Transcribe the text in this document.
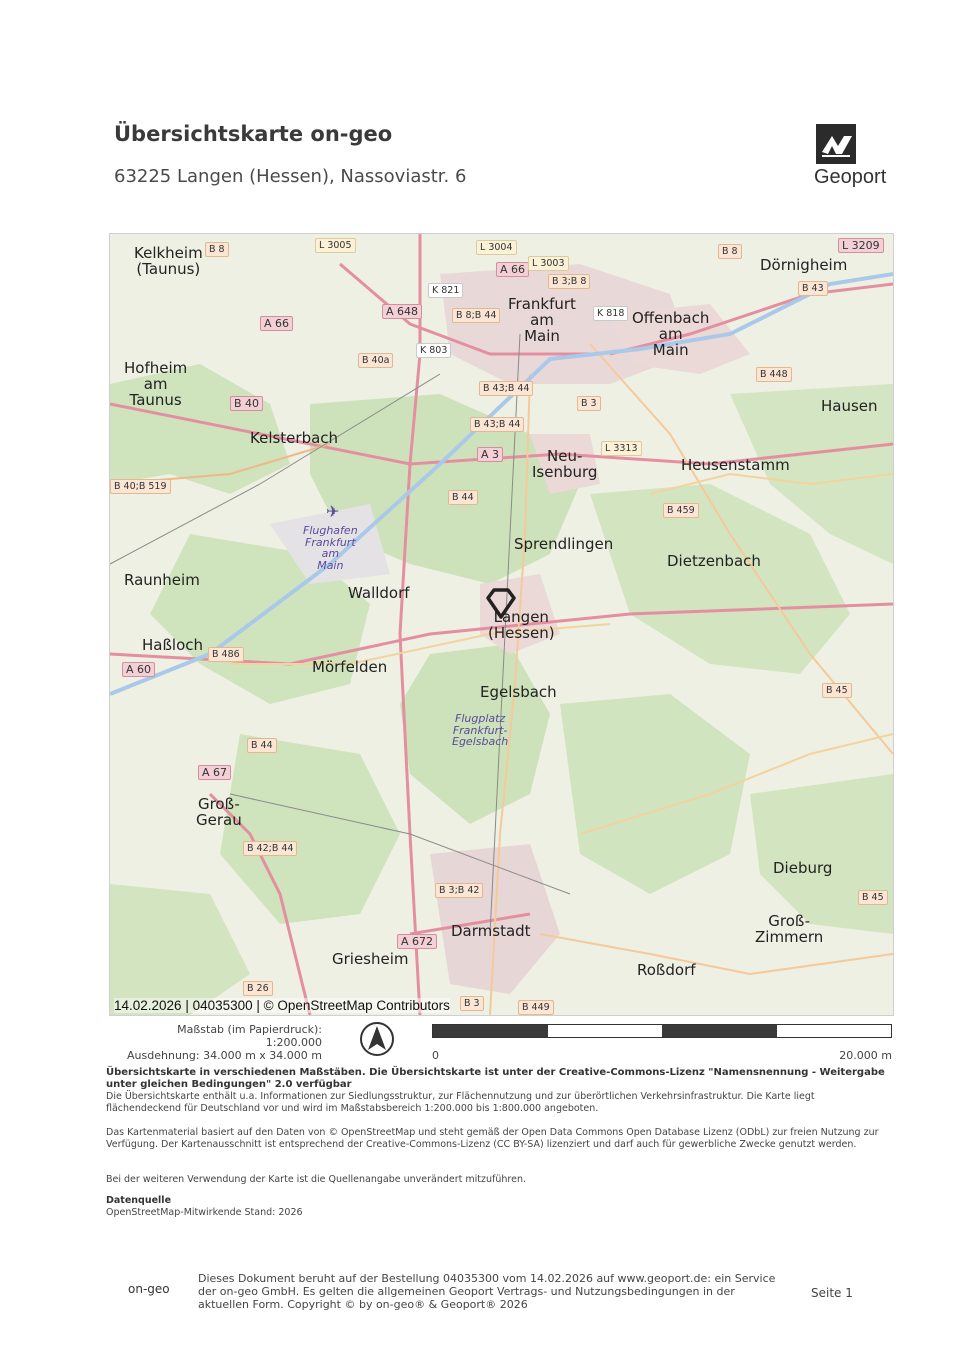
Übersichtskarte on-geo
63225 Langen (Hessen), Nassoviastr. 6	Geoport
Kelkheim
(Taunus)	Dörnigheim
Frankfurt
am
Main
Offenbach
am
Main
Hofheim
am
Taunus	Hausen
Kelsterbach
Neu-
Isenburg	Heusenstamm
Flughafen
Frankfurt
am
Main
Sprendlingen
Dietzenbach
Raunheim
Walldorf
Langen
(Hessen)
Haßloch
Mörfelden
Egelsbach
Flugplatz
Frankfurt-
Egelsbach
Groß-
Gerau
Dieburg
Groß-
Zimmern
Darmstadt
Griesheim
Roßdorf
B 8	L 3005	L 3004	B 8	L 3209
A 66 L 3003
B 3;B 8
K 821	B 43
A 66
A 648	B 8;B 44	K 818
K 803
B 40a
B 448
B 43;B 44
B 40	B 3
B 43;B 44
L 3313
A 3
B 40;B 519
B 44
B 459
B 486
A 60
B 45
B 44
A 67
B 42;B 44
B 3;B 42
B 45
A 672
B 26
B 3	B 449
✈
14.02.2026 | 04035300 | © OpenStreetMap Contributors
Maßstab (im Papierdruck): 1:200.000
Ausdehnung: 34.000 m x 34.000 m	0	20.000 m
Übersichtskarte in verschiedenen Maßstäben. Die Übersichtskarte ist unter der Creative-Commons-Lizenz "Namensnennung - Weitergabe unter gleichen Bedingungen" 2.0 verfügbar
Die Übersichtskarte enthält u.a. Informationen zur Siedlungsstruktur, zur Flächennutzung und zur überörtlichen Verkehrsinfrastruktur. Die Karte liegt flächendeckend für Deutschland vor und wird im Maßstabsbereich 1:200.000 bis 1:800.000 angeboten.
Das Kartenmaterial basiert auf den Daten von © OpenStreetMap und steht gemäß der Open Data Commons Open Database Lizenz (ODbL) zur freien Nutzung zur Verfügung. Der Kartenausschnitt ist entsprechend der Creative-Commons-Lizenz (CC BY-SA) lizenziert und darf auch für gewerbliche Zwecke genutzt werden.
Bei der weiteren Verwendung der Karte ist die Quellenangabe unverändert mitzuführen.
Datenquelle
OpenStreetMap-Mitwirkende Stand: 2026
on-geo
Dieses Dokument beruht auf der Bestellung 04035300 vom 14.02.2026 auf www.geoport.de: ein Service der on-geo GmbH. Es gelten die allgemeinen Geoport Vertrags- und Nutzungsbedingungen in der aktuellen Form. Copyright © by on-geo® & Geoport® 2026
Seite 1
